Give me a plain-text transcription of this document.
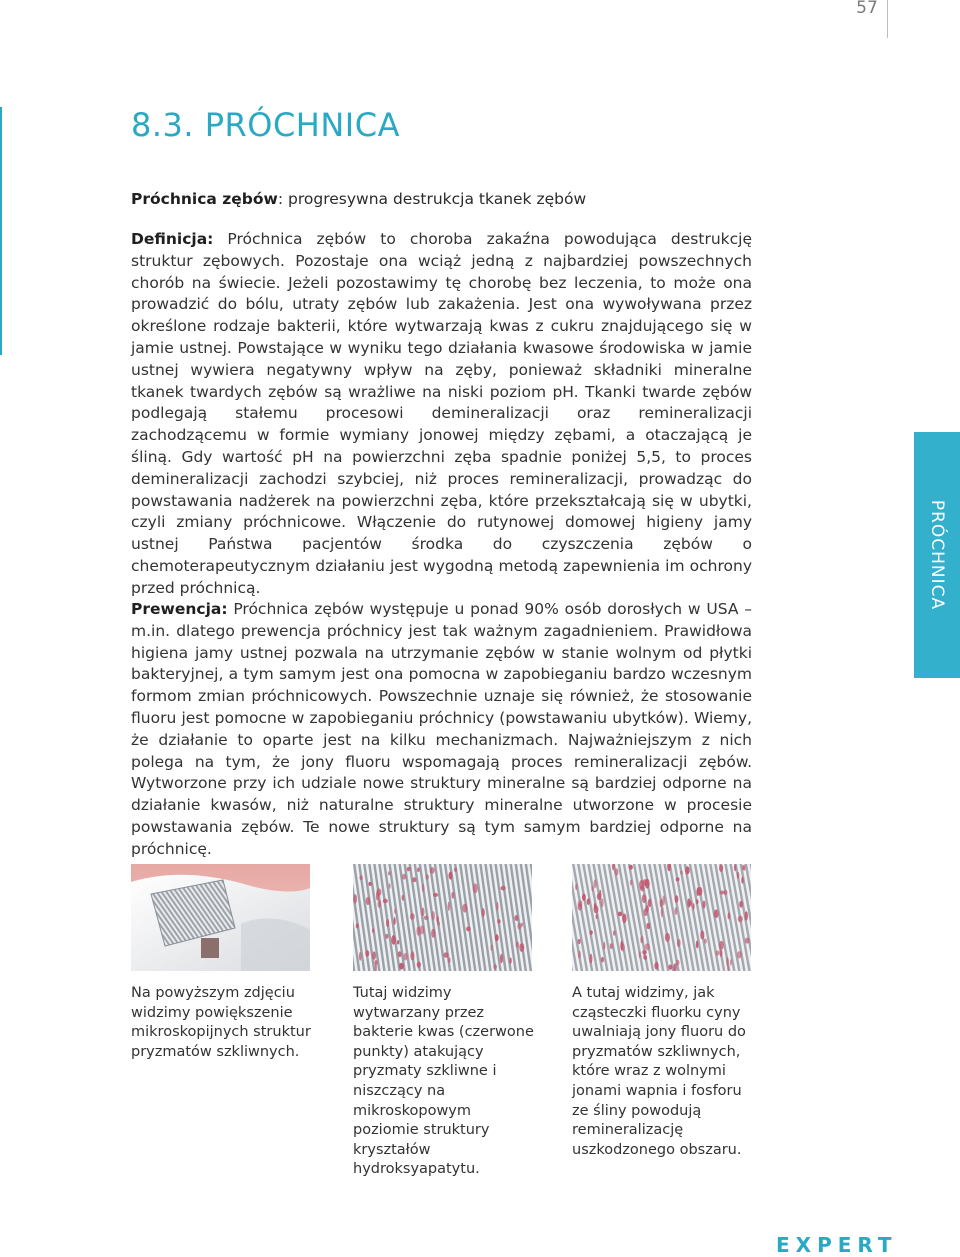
57
8.3. PRÓCHNICA
Próchnica zębów: progresywna destrukcja tkanek zębów

Definicja: Próchnica zębów to choroba zakaźna powodująca destrukcję struktur zębowych. Pozostaje ona wciąż jedną z najbardziej powszechnych chorób na świecie. Jeżeli pozostawimy tę chorobę bez leczenia, to może ona prowadzić do bólu, utraty zębów lub zakażenia. Jest ona wywoływana przez określone rodzaje bakterii, które wytwarzają kwas z cukru znajdującego się w jamie ustnej. Powstające w wyniku tego działania kwasowe środowiska w jamie ustnej wywiera negatywny wpływ na zęby, ponieważ składniki mineralne tkanek twardych zębów są wrażliwe na niski poziom pH. Tkanki twarde zębów podlegają stałemu procesowi demineralizacji oraz remineralizacji zachodzącemu w formie wymiany jonowej między zębami, a otaczającą je śliną. Gdy wartość pH na powierzchni zęba spadnie poniżej 5,5, to proces demineralizacji zachodzi szybciej, niż proces remineralizacji, prowadząc do powstawania nadżerek na powierzchni zęba, które przekształcają się w ubytki, czyli zmiany próchnicowe. Włączenie do rutynowej domowej higieny jamy ustnej Państwa pacjentów środka do czyszczenia zębów o chemoterapeutycznym działaniu jest wygodną metodą zapewnienia im ochrony przed próchnicą.

Prewencja: Próchnica zębów występuje u ponad 90% osób dorosłych w USA – m.in. dlatego prewencja próchnicy jest tak ważnym zagadnieniem. Prawidłowa higiena jamy ustnej pozwala na utrzymanie zębów w stanie wolnym od płytki bakteryjnej, a tym samym jest ona pomocna w zapobieganiu bardzo wczesnym formom zmian próchnicowych. Powszechnie uznaje się również, że stosowanie fluoru jest pomocne w zapobieganiu próchnicy (powstawaniu ubytków). Wiemy, że działanie to oparte jest na kilku mechanizmach. Najważniejszym z nich polega na tym, że jony fluoru wspomagają proces remineralizacji zębów. Wytworzone przy ich udziale nowe struktury mineralne są bardziej odporne na działanie kwasów, niż naturalne struktury mineralne utworzone w procesie powstawania zębów. Te nowe struktury są tym samym bardziej odporne na próchnicę.

PRÓCHNICA
Na powyższym zdjęciu widzimy powiększenie mikroskopijnych struktur pryzmatów szkliwnych.
Tutaj widzimy wytwarzany przez bakterie kwas (czerwone punkty) atakujący pryzmaty szkliwne i niszczący na mikroskopowym poziomie struktury kryształów hydroksyapatytu.
A tutaj widzimy, jak cząsteczki fluorku cyny uwalniają jony fluoru do pryzmatów szkliwnych, które wraz z wolnymi jonami wapnia i fosforu ze śliny powodują remineralizację uszkodzonego obszaru.
EXPERT
